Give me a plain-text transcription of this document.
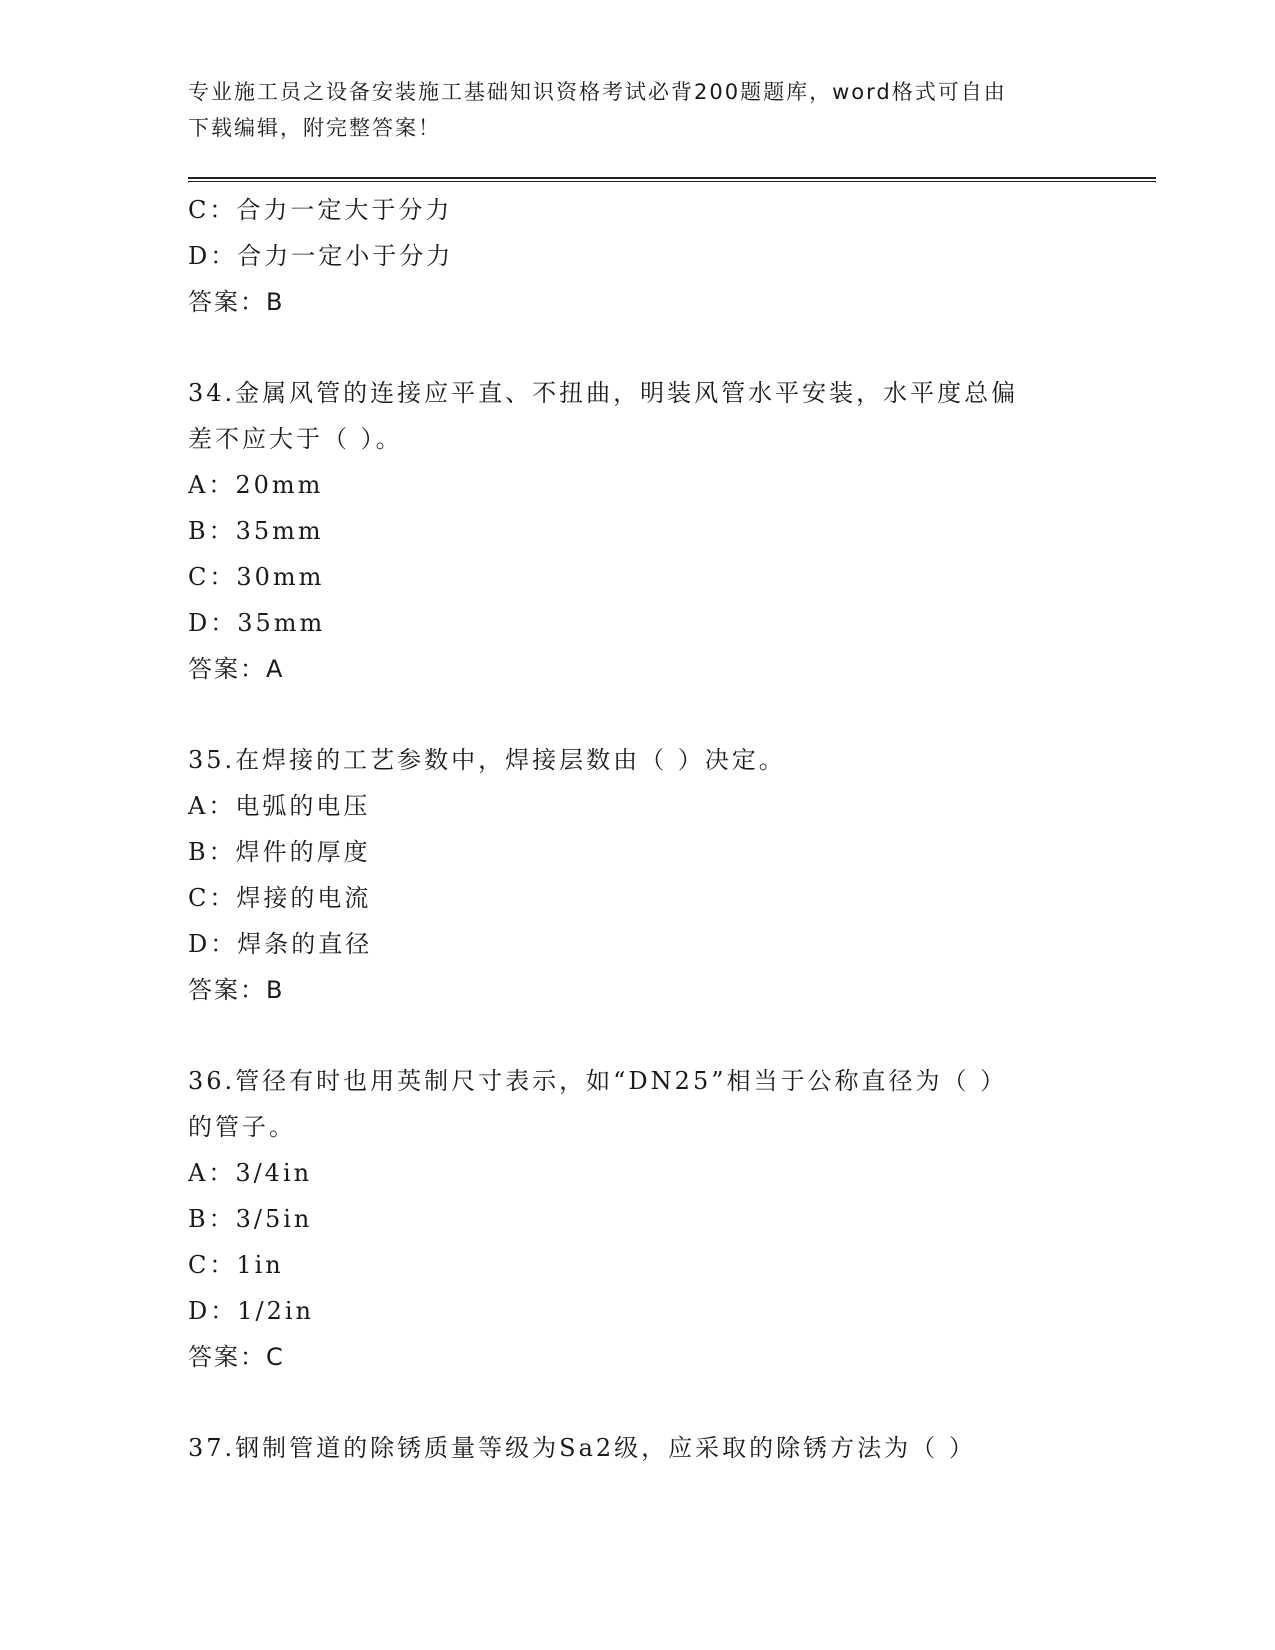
专业施工员之设备安装施工基础知识资格考试必背200题题库，word格式可自由
下载编辑，附完整答案！
C：合力一定大于分力
D：合力一定小于分力
答案：B
34.金属风管的连接应平直、不扭曲，明装风管水平安装，水平度总偏
差不应大于（ ）。
A：20mm
B：35mm
C：30mm
D：35mm
答案：A
35.在焊接的工艺参数中，焊接层数由（ ）决定。
A：电弧的电压
B：焊件的厚度
C：焊接的电流
D：焊条的直径
答案：B
36.管径有时也用英制尺寸表示，如“DN25”相当于公称直径为（ ）
的管子。
A：3/4in
B：3/5in
C：1in
D：1/2in
答案：C
37.钢制管道的除锈质量等级为Sa2级，应采取的除锈方法为（ ）
